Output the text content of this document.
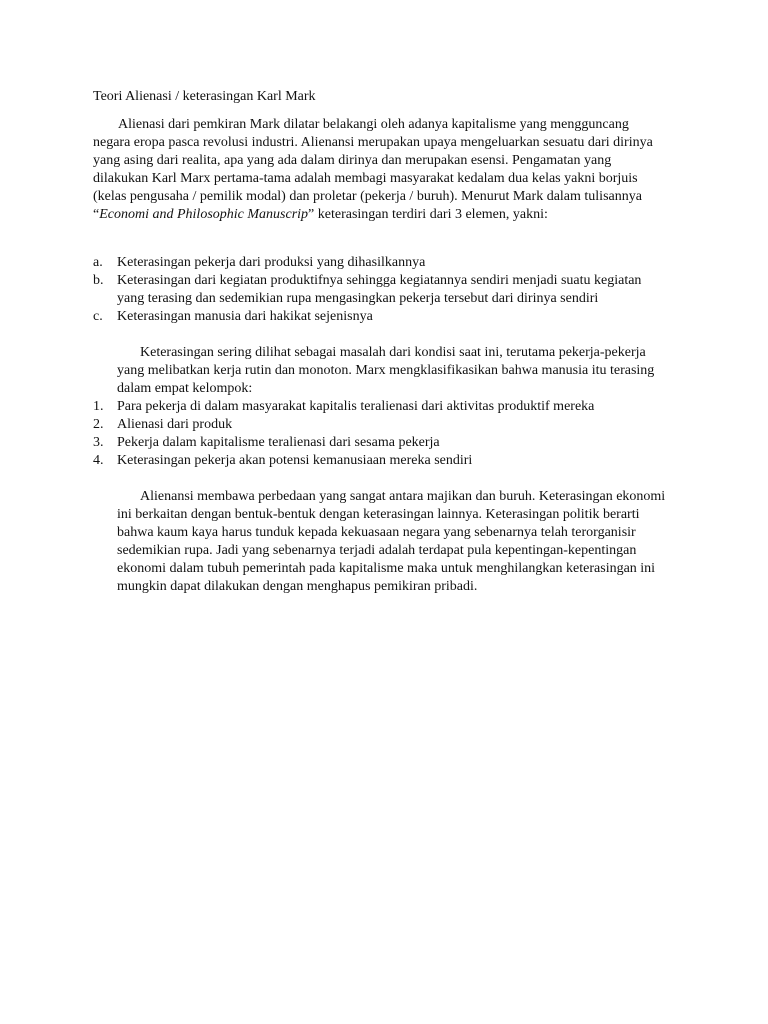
Teori Alienasi / keterasingan Karl Mark

Alienasi dari pemkiran Mark dilatar belakangi oleh adanya kapitalisme yang mengguncang negara eropa pasca revolusi industri. Alienansi merupakan upaya mengeluarkan sesuatu dari dirinya yang asing dari realita, apa yang ada dalam dirinya dan merupakan esensi. Pengamatan yang dilakukan Karl Marx pertama-tama adalah membagi masyarakat kedalam dua kelas yakni borjuis (kelas pengusaha / pemilik modal) dan proletar (pekerja / buruh). Menurut Mark dalam tulisannya “Economi and Philosophic Manuscrip” keterasingan terdiri dari 3 elemen, yakni:

a. Keterasingan pekerja dari produksi yang dihasilkannya
b. Keterasingan dari kegiatan produktifnya sehingga kegiatannya sendiri menjadi suatu kegiatan yang terasing dan sedemikian rupa mengasingkan pekerja tersebut dari dirinya sendiri
c. Keterasingan manusia dari hakikat sejenisnya

Keterasingan sering dilihat sebagai masalah dari kondisi saat ini, terutama pekerja-pekerja yang melibatkan kerja rutin dan monoton. Marx mengklasifikasikan bahwa manusia itu terasing dalam empat kelompok:

1. Para pekerja di dalam masyarakat kapitalis teralienasi dari aktivitas produktif mereka
2. Alienasi dari produk
3. Pekerja dalam kapitalisme teralienasi dari sesama pekerja
4. Keterasingan pekerja akan potensi kemanusiaan mereka sendiri

Alienansi membawa perbedaan yang sangat antara majikan dan buruh. Keterasingan ekonomi ini berkaitan dengan bentuk-bentuk dengan keterasingan lainnya. Keterasingan politik berarti bahwa kaum kaya harus tunduk kepada kekuasaan negara yang sebenarnya telah terorganisir sedemikian rupa. Jadi yang sebenarnya terjadi adalah terdapat pula kepentingan-kepentingan ekonomi dalam tubuh pemerintah pada kapitalisme maka untuk menghilangkan keterasingan ini mungkin dapat dilakukan dengan menghapus pemikiran pribadi.
